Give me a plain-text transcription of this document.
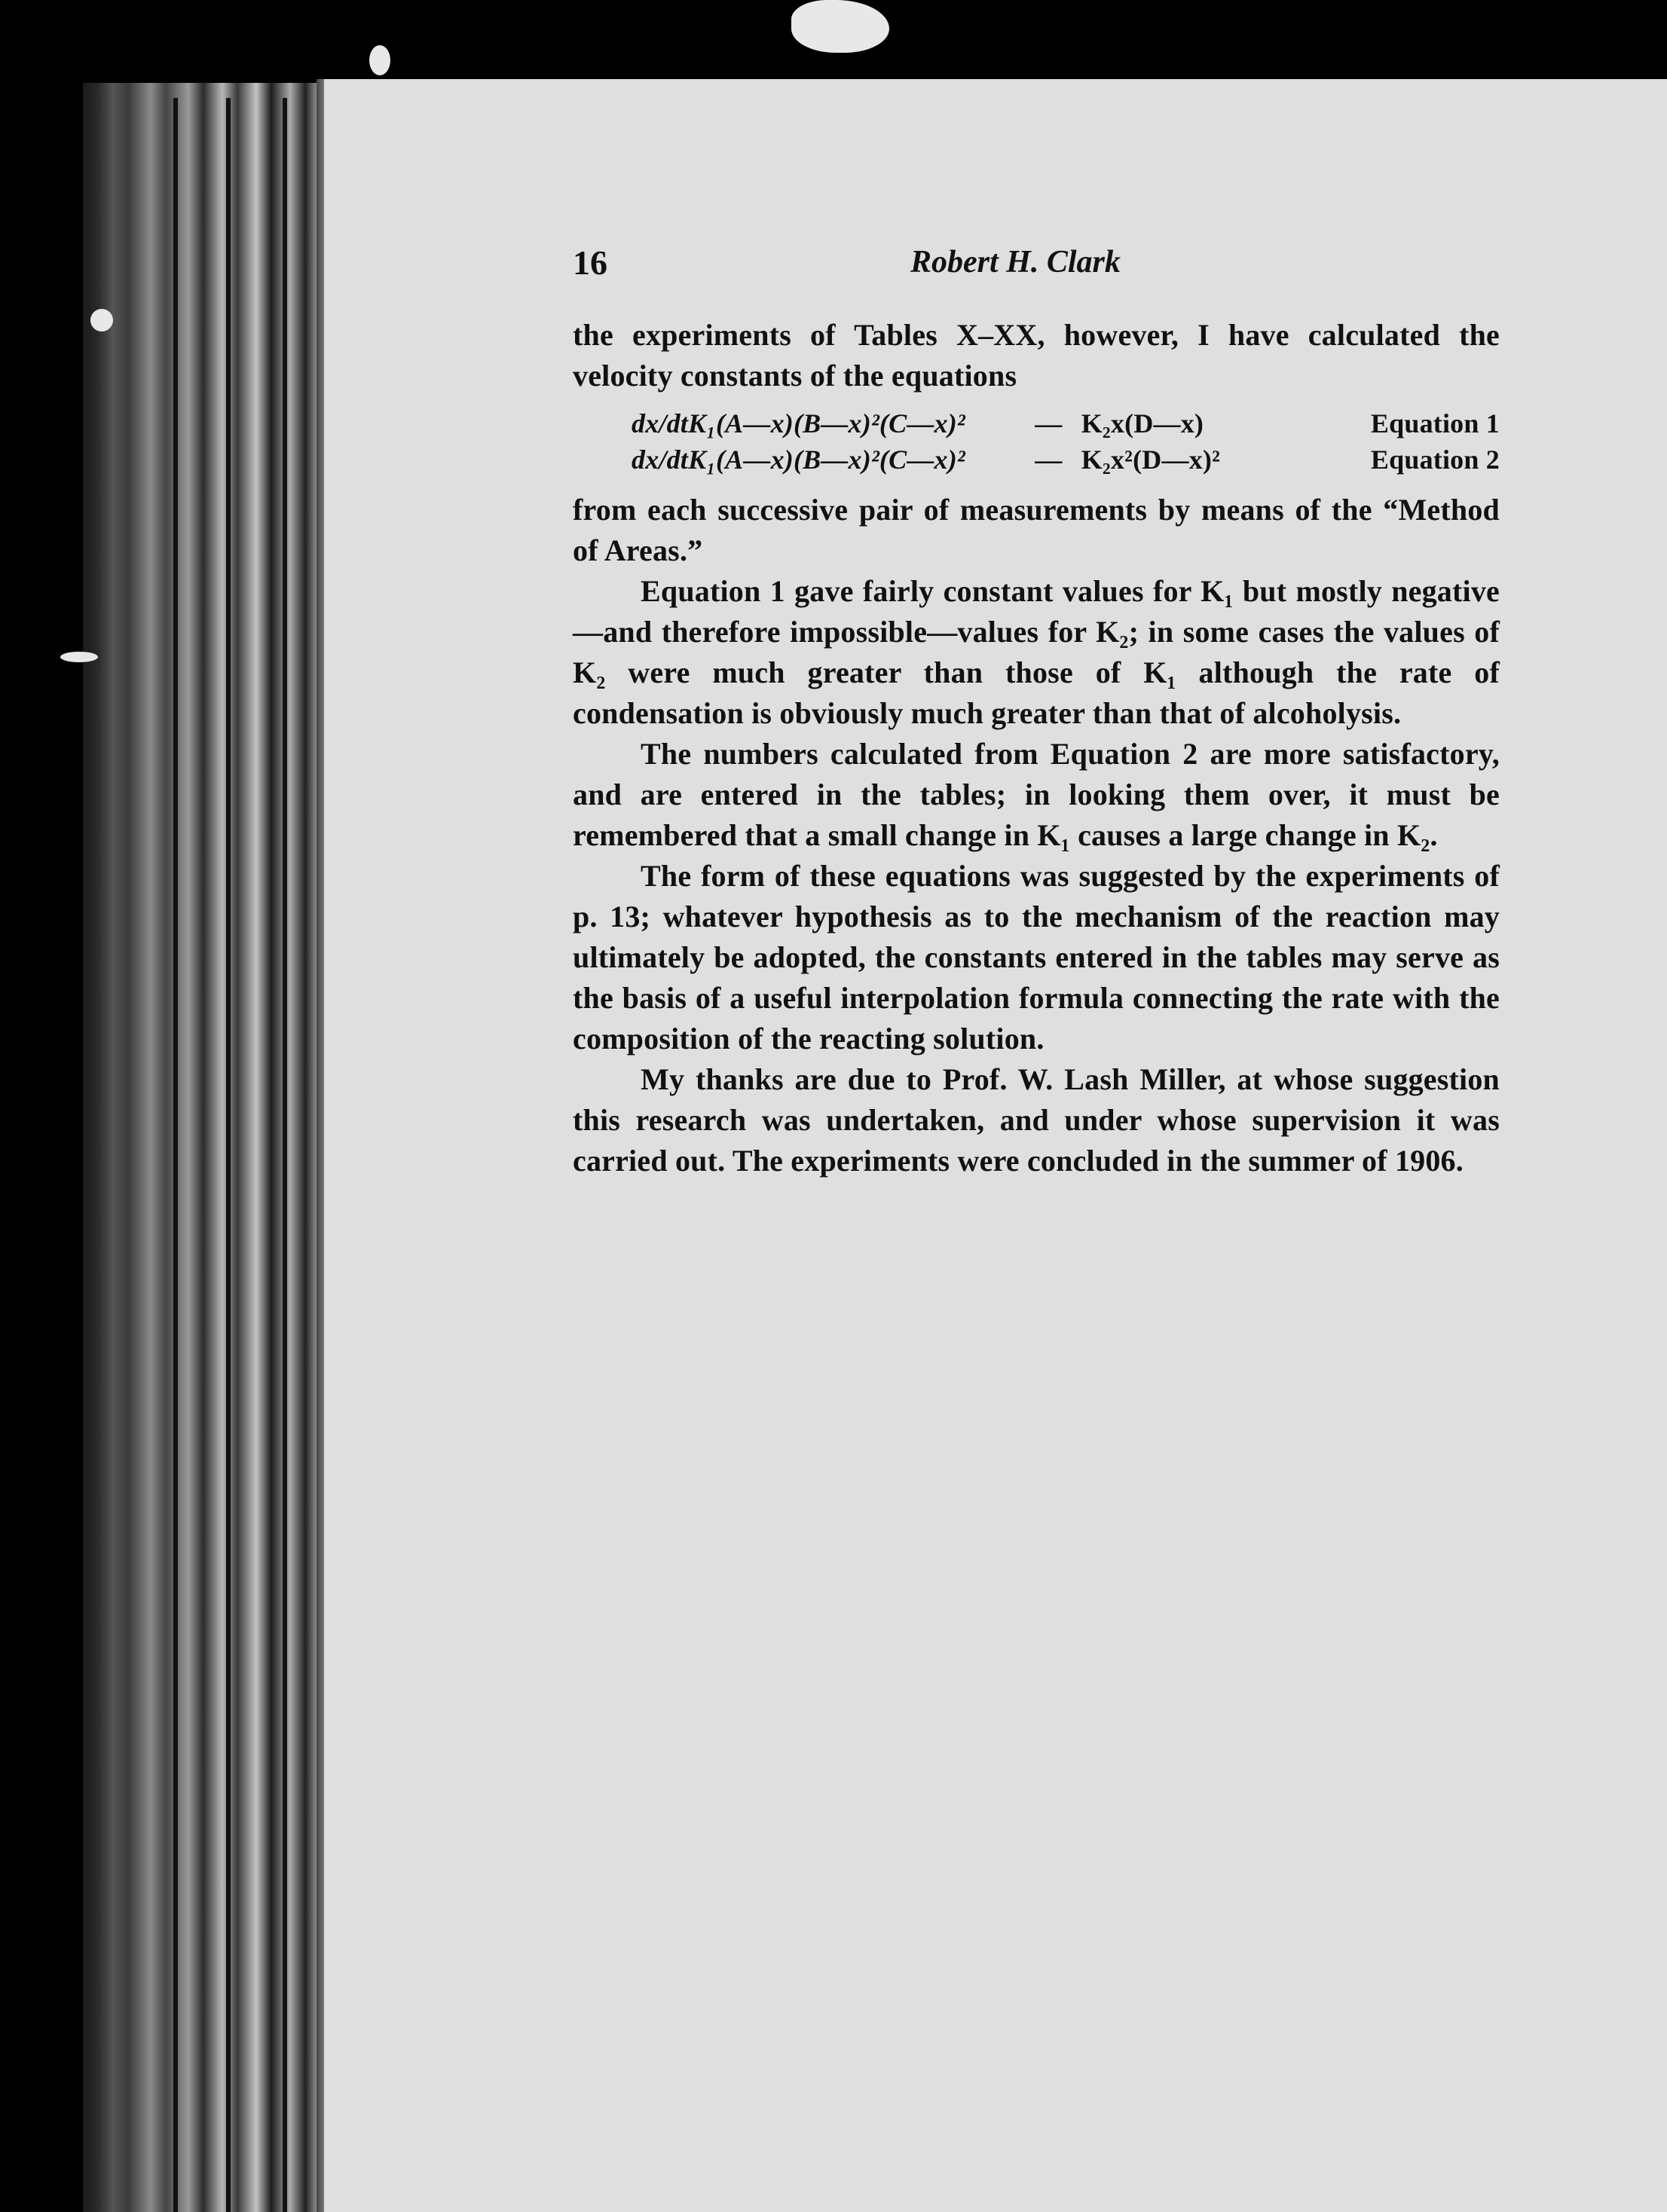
16	Robert H. Clark

the experiments of Tables X–XX, however, I have calculated the velocity constants of the equations

dx/dtK₁(A—x)(B—x)²(C—x)²	— K₂x(D—x)	Equation 1
dx/dtK₁(A—x)(B—x)²(C—x)²	— K₂x²(D—x)²	Equation 2

from each successive pair of measurements by means of the “Method of Areas.”

Equation 1 gave fairly constant values for K₁ but mostly negative—and therefore impossible—values for K₂; in some cases the values of K₂ were much greater than those of K₁ although the rate of condensation is obviously much greater than that of alcoholysis.

The numbers calculated from Equation 2 are more satisfactory, and are entered in the tables; in looking them over, it must be remembered that a small change in K₁ causes a large change in K₂.

The form of these equations was suggested by the experiments of p. 13; whatever hypothesis as to the mechanism of the reaction may ultimately be adopted, the constants entered in the tables may serve as the basis of a useful interpolation formula connecting the rate with the composition of the reacting solution.

My thanks are due to Prof. W. Lash Miller, at whose suggestion this research was undertaken, and under whose supervision it was carried out. The experiments were concluded in the summer of 1906.
